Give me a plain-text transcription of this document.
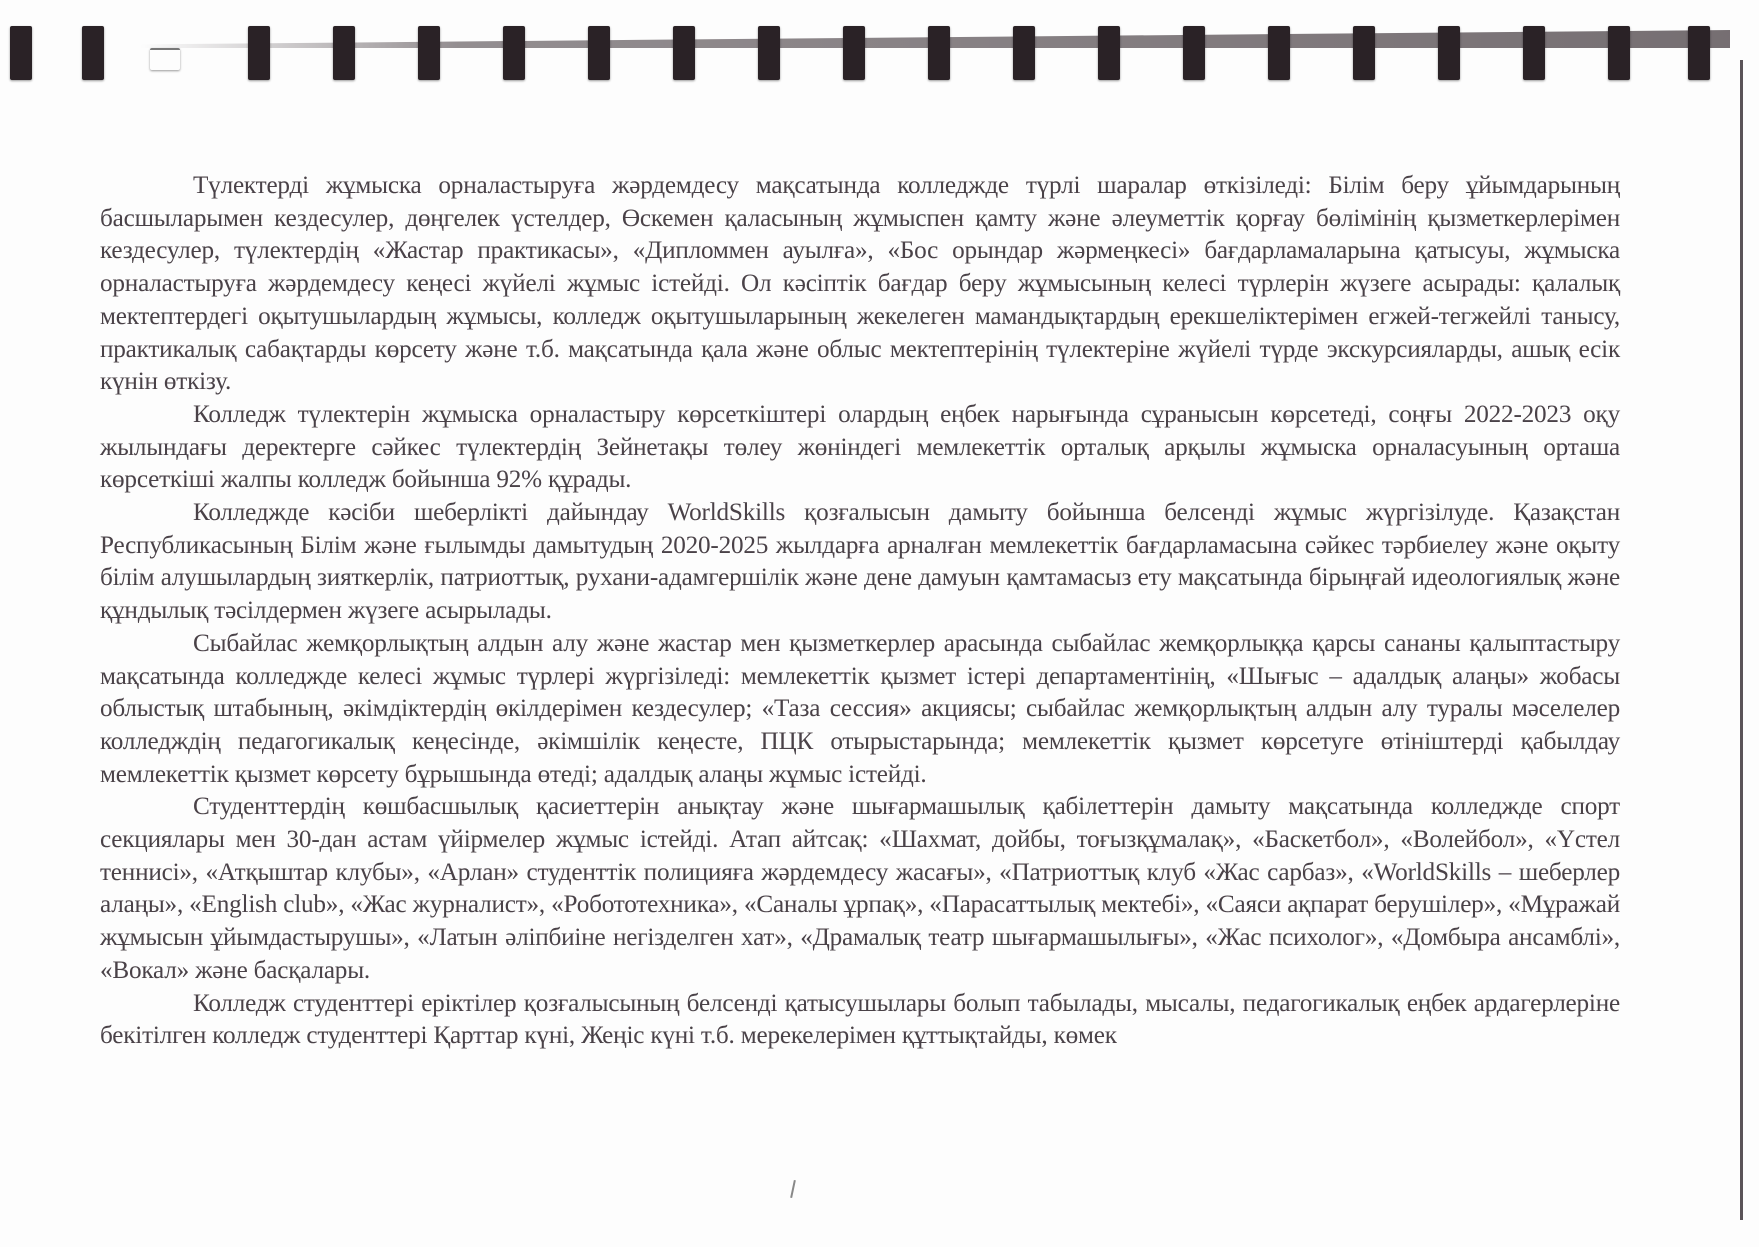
Түлектерді жұмыска орналастыруға жәрдемдесу мақсатында колледжде түрлі шаралар өткізіледі: Білім беру ұйымдарының басшыларымен кездесулер, дөңгелек үстелдер, Өскемен қаласының жұмыспен қамту және әлеуметтік қорғау бөлімінің қызметкерлерімен кездесулер, түлектердің «Жастар практикасы», «Дипломмен ауылға», «Бос орындар жәрмеңкесі» бағдарламаларына қатысуы, жұмыска орналастыруға жәрдемдесу кеңесі жүйелі жұмыс істейді. Ол кәсіптік бағдар беру жұмысының келесі түрлерін жүзеге асырады: қалалық мектептердегі оқытушылардың жұмысы, колледж оқытушыларының жекелеген мамандықтардың ерекшеліктерімен егжей-тегжейлі танысу, практикалық сабақтарды көрсету және т.б. мақсатында қала және облыс мектептерінің түлектеріне жүйелі түрде экскурсияларды, ашық есік күнін өткізу.

Колледж түлектерін жұмыска орналастыру көрсеткіштері олардың еңбек нарығында сұранысын көрсетеді, соңғы 2022-2023 оқу жылындағы деректерге сәйкес түлектердің Зейнетақы төлеу жөніндегі мемлекеттік орталық арқылы жұмыска орналасуының орташа көрсеткіші жалпы колледж бойынша 92% құрады.

Колледжде кәсіби шеберлікті дайындау WorldSkills қозғалысын дамыту бойынша белсенді жұмыс жүргізілуде. Қазақстан Республикасының Білім және ғылымды дамытудың 2020-2025 жылдарға арналған мемлекеттік бағдарламасына сәйкес тәрбиелеу және оқыту білім алушылардың зияткерлік, патриоттық, рухани-адамгершілік және дене дамуын қамтамасыз ету мақсатында бірыңғай идеологиялық және құндылық тәсілдермен жүзеге асырылады.

Сыбайлас жемқорлықтың алдын алу және жастар мен қызметкерлер арасында сыбайлас жемқорлыққа қарсы сананы қалыптастыру мақсатында колледжде келесі жұмыс түрлері жүргізіледі: мемлекеттік қызмет істері департаментінің, «Шығыс – адалдық алаңы» жобасы облыстық штабының, әкімдіктердің өкілдерімен кездесулер; «Таза сессия» акциясы; сыбайлас жемқорлықтың алдын алу туралы мәселелер колледждің педагогикалық кеңесінде, әкімшілік кеңесте, ПЦК отырыстарында; мемлекеттік қызмет көрсетуге өтініштерді қабылдау мемлекеттік қызмет көрсету бұрышында өтеді; адалдық алаңы жұмыс істейді.

Студенттердің көшбасшылық қасиеттерін анықтау және шығармашылық қабілеттерін дамыту мақсатында колледжде спорт секциялары мен 30-дан астам үйірмелер жұмыс істейді. Атап айтсақ: «Шахмат, дойбы, тоғызқұмалақ», «Баскетбол», «Волейбол», «Үстел теннисі», «Атқыштар клубы», «Арлан» студенттік полицияға жәрдемдесу жасағы», «Патриоттық клуб «Жас сарбаз», «WorldSkills – шеберлер алаңы», «English club», «Жас журналист», «Робототехника», «Саналы ұрпақ», «Парасаттылық мектебі», «Саяси ақпарат берушілер», «Мұражай жұмысын ұйымдастырушы», «Латын әліпбиіне негізделген хат», «Драмалық театр шығармашылығы», «Жас психолог», «Домбыра ансамблі», «Вокал» және басқалары.

Колледж студенттері еріктілер қозғалысының белсенді қатысушылары болып табылады, мысалы, педагогикалық еңбек ардагерлеріне бекітілген колледж студенттері Қарттар күні, Жеңіс күні т.б. мерекелерімен құттықтайды, көмек
